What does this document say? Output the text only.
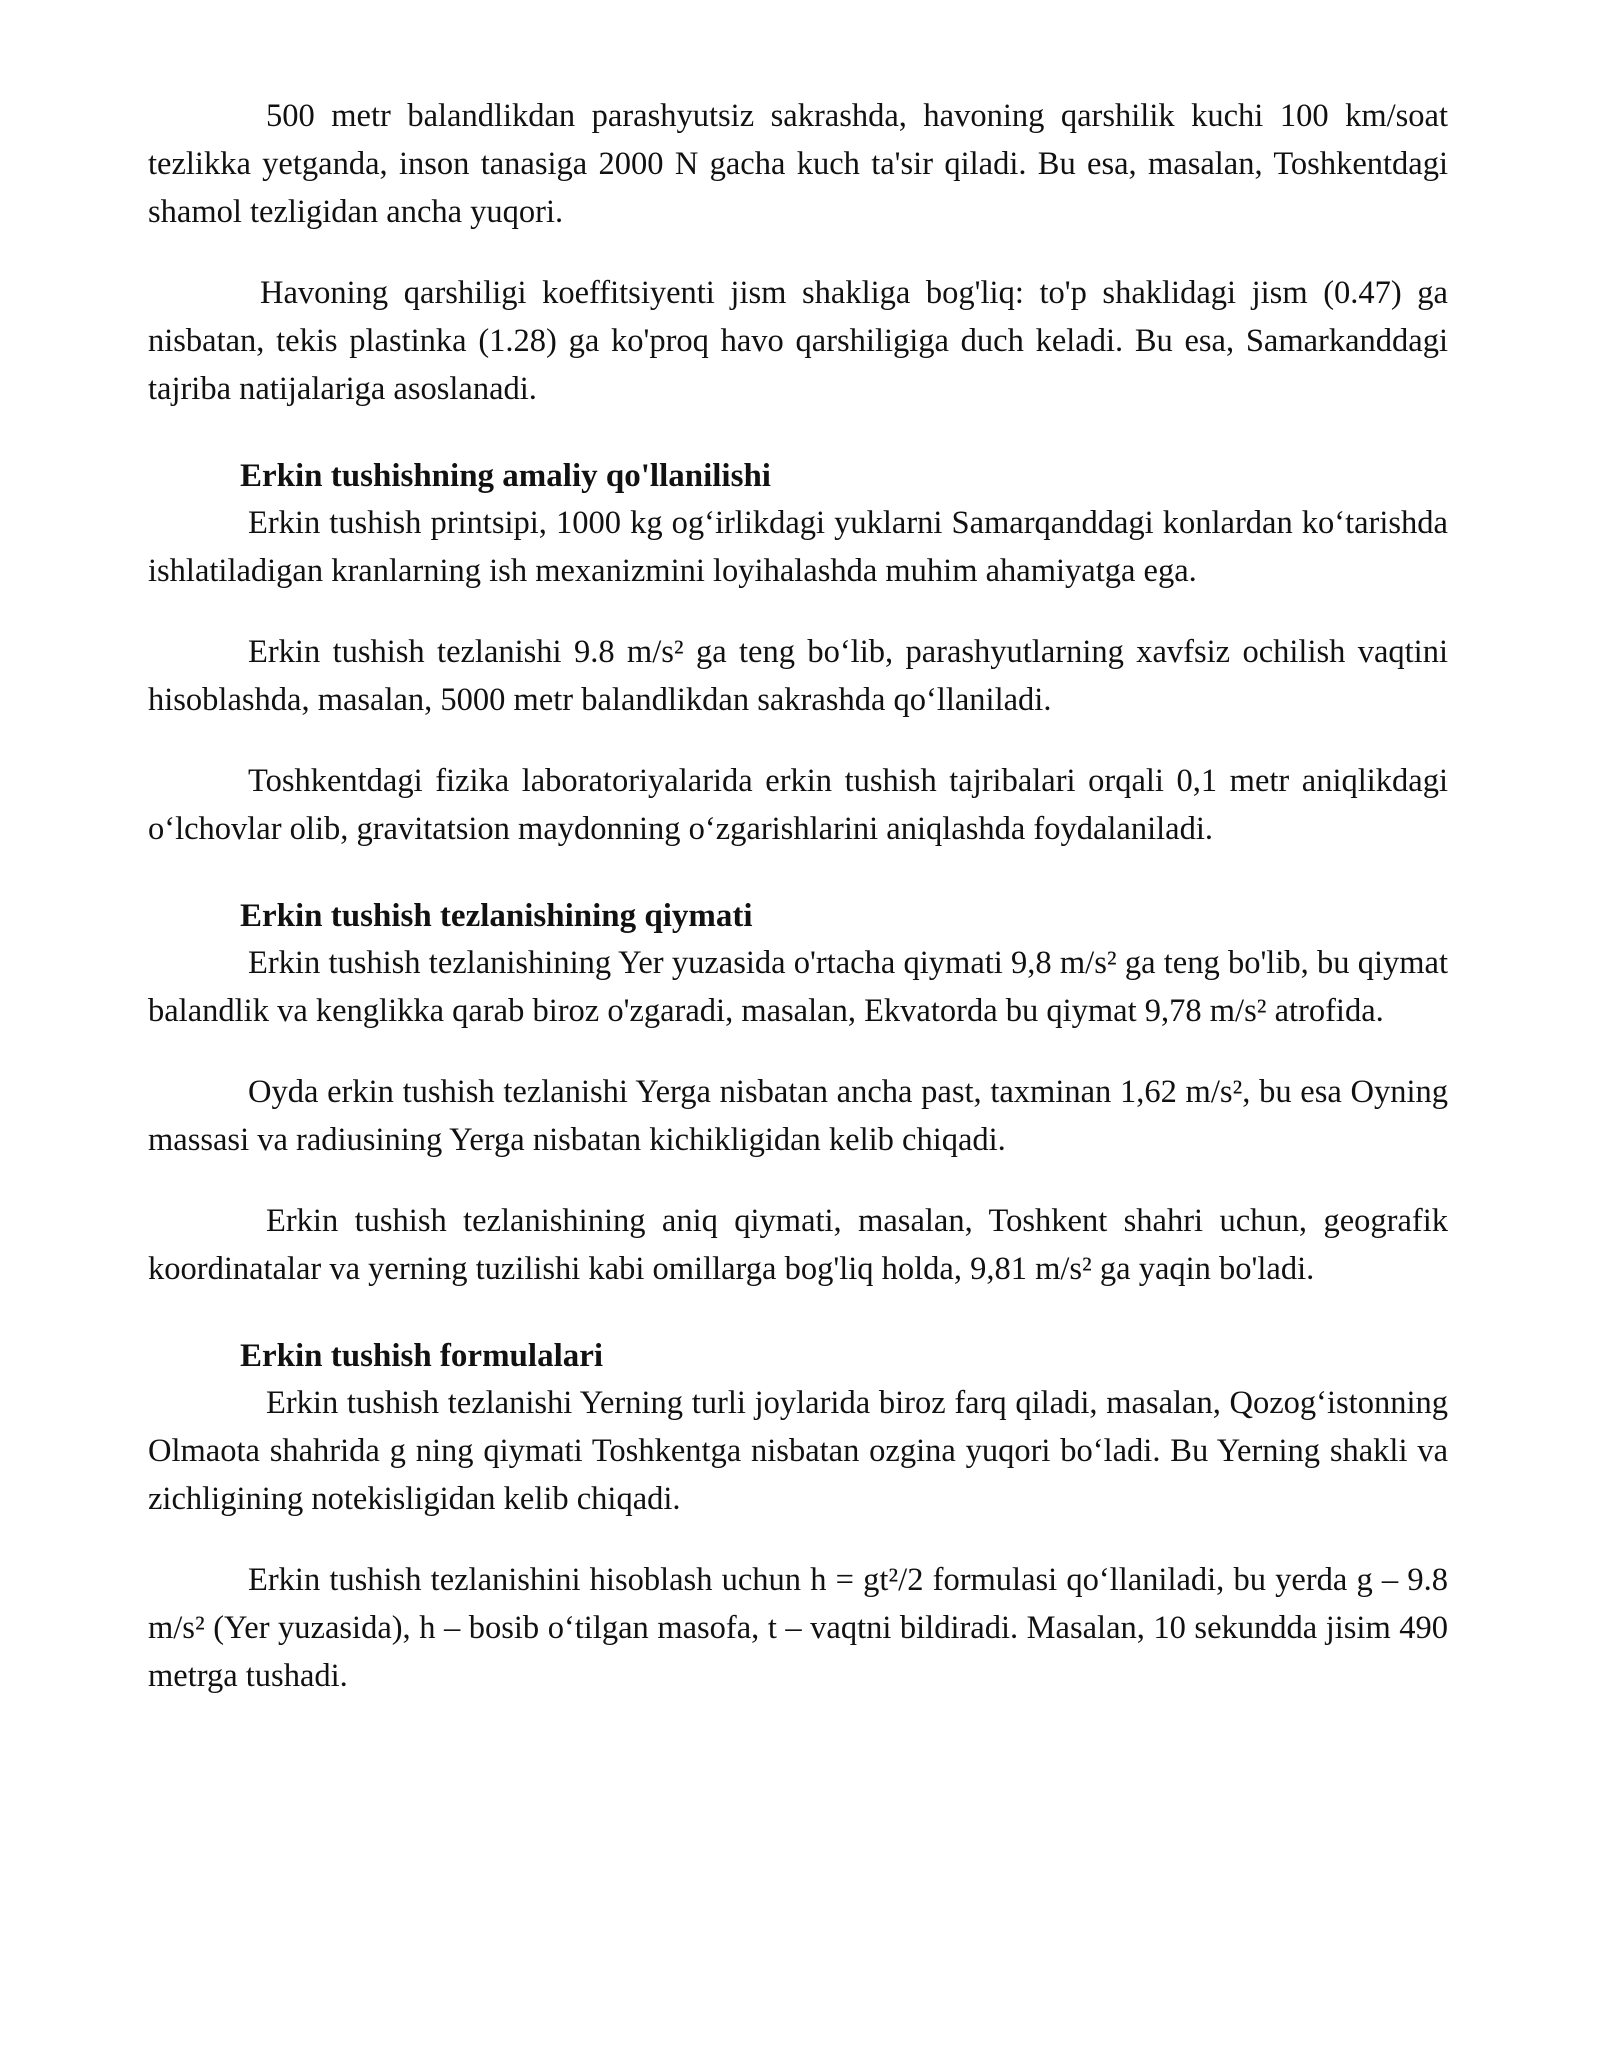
500 metr balandlikdan parashyutsiz sakrashda, havoning qarshilik kuchi 100 km/soat tezlikka yetganda, inson tanasiga 2000 N gacha kuch ta'sir qiladi. Bu esa, masalan, Toshkentdagi shamol tezligidan ancha yuqori.

Havoning qarshiligi koeffitsiyenti jism shakliga bog'liq: to'p shaklidagi jism (0.47) ga nisbatan, tekis plastinka (1.28) ga ko'proq havo qarshiligiga duch keladi. Bu esa, Samarkanddagi tajriba natijalariga asoslanadi.

Erkin tushishning amaliy qo'llanilishi

Erkin tushish printsipi, 1000 kg og‘irlikdagi yuklarni Samarqanddagi konlardan ko‘tarishda ishlatiladigan kranlarning ish mexanizmini loyihalashda muhim ahamiyatga ega.

Erkin tushish tezlanishi 9.8 m/s² ga teng bo‘lib, parashyutlarning xavfsiz ochilish vaqtini hisoblashda, masalan, 5000 metr balandlikdan sakrashda qo‘llaniladi.

Toshkentdagi fizika laboratoriyalarida erkin tushish tajribalari orqali 0,1 metr aniqlikdagi o‘lchovlar olib, gravitatsion maydonning o‘zgarishlarini aniqlashda foydalaniladi.

Erkin tushish tezlanishining qiymati

Erkin tushish tezlanishining Yer yuzasida o'rtacha qiymati 9,8 m/s² ga teng bo'lib, bu qiymat balandlik va kenglikka qarab biroz o'zgaradi, masalan, Ekvatorda bu qiymat 9,78 m/s² atrofida.

Oyda erkin tushish tezlanishi Yerga nisbatan ancha past, taxminan 1,62 m/s², bu esa Oyning massasi va radiusining Yerga nisbatan kichikligidan kelib chiqadi.

Erkin tushish tezlanishining aniq qiymati, masalan, Toshkent shahri uchun, geografik koordinatalar va yerning tuzilishi kabi omillarga bog'liq holda, 9,81 m/s² ga yaqin bo'ladi.

Erkin tushish formulalari

Erkin tushish tezlanishi Yerning turli joylarida biroz farq qiladi, masalan, Qozog‘istonning Olmaota shahrida g ning qiymati Toshkentga nisbatan ozgina yuqori bo‘ladi. Bu Yerning shakli va zichligining notekisligidan kelib chiqadi.

Erkin tushish tezlanishini hisoblash uchun h = gt²/2 formulasi qo‘llaniladi, bu yerda g – 9.8 m/s² (Yer yuzasida), h – bosib o‘tilgan masofa, t – vaqtni bildiradi. Masalan, 10 sekundda jisim 490 metrga tushadi.
